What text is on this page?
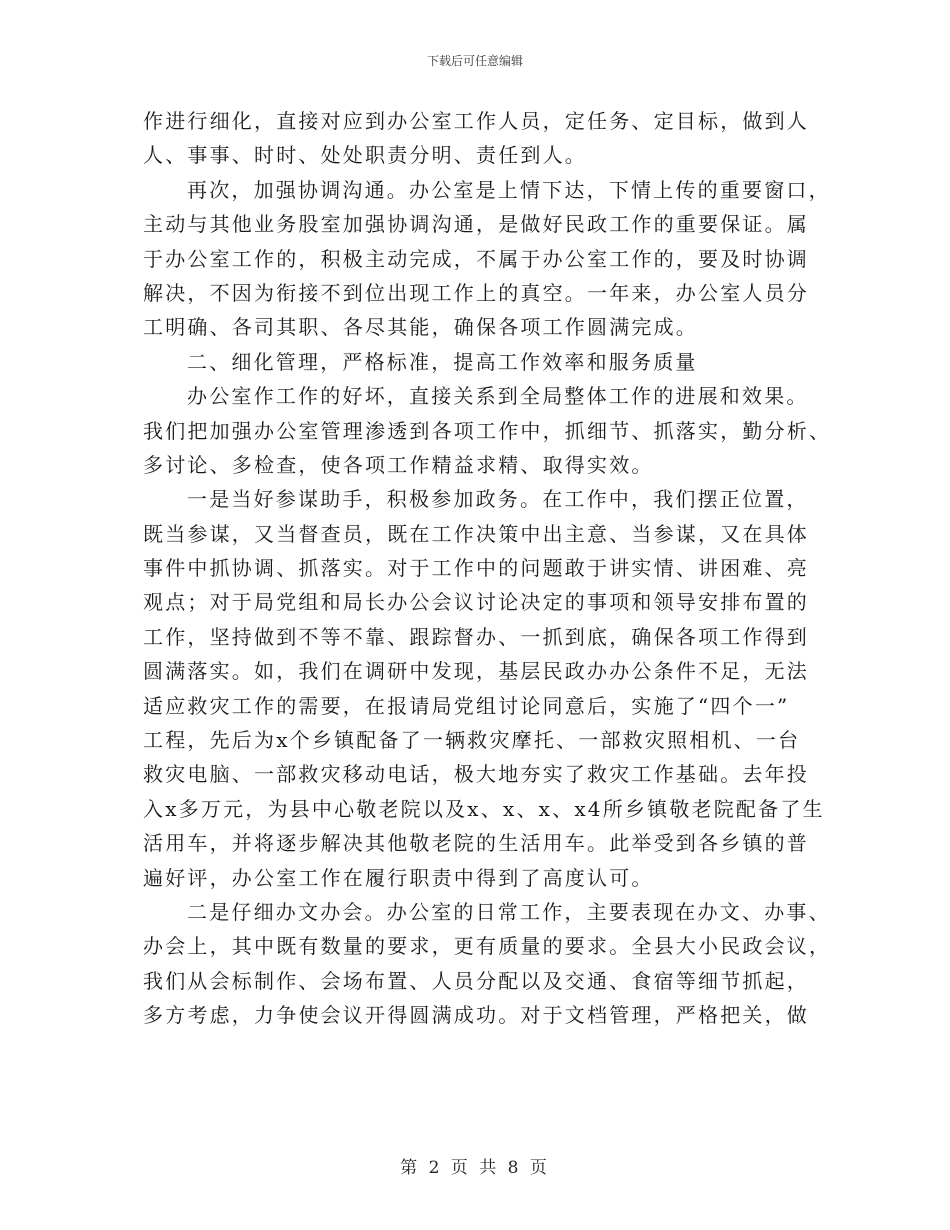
下载后可任意编辑
作进行细化，直接对应到办公室工作人员，定任务、定目标，做到人
人、事事、时时、处处职责分明、责任到人。
再次，加强协调沟通。办公室是上情下达，下情上传的重要窗口，
主动与其他业务股室加强协调沟通，是做好民政工作的重要保证。属
于办公室工作的，积极主动完成，不属于办公室工作的，要及时协调
解决，不因为衔接不到位出现工作上的真空。一年来，办公室人员分
工明确、各司其职、各尽其能，确保各项工作圆满完成。
二、细化管理，严格标准，提高工作效率和服务质量
办公室作工作的好坏，直接关系到全局整体工作的进展和效果。
我们把加强办公室管理渗透到各项工作中，抓细节、抓落实，勤分析、
多讨论、多检查，使各项工作精益求精、取得实效。
一是当好参谋助手，积极参加政务。在工作中，我们摆正位置，
既当参谋，又当督查员，既在工作决策中出主意、当参谋，又在具体
事件中抓协调、抓落实。对于工作中的问题敢于讲实情、讲困难、亮
观点；对于局党组和局长办公会议讨论决定的事项和领导安排布置的
工作，坚持做到不等不靠、跟踪督办、一抓到底，确保各项工作得到
圆满落实。如，我们在调研中发现，基层民政办办公条件不足，无法
适应救灾工作的需要，在报请局党组讨论同意后，实施了“四个一”
工程，先后为x个乡镇配备了一辆救灾摩托、一部救灾照相机、一台
救灾电脑、一部救灾移动电话，极大地夯实了救灾工作基础。去年投
入x多万元，为县中心敬老院以及x、x、x、x4所乡镇敬老院配备了生
活用车，并将逐步解决其他敬老院的生活用车。此举受到各乡镇的普
遍好评，办公室工作在履行职责中得到了高度认可。
二是仔细办文办会。办公室的日常工作，主要表现在办文、办事、
办会上，其中既有数量的要求，更有质量的要求。全县大小民政会议，
我们从会标制作、会场布置、人员分配以及交通、食宿等细节抓起，
多方考虑，力争使会议开得圆满成功。对于文档管理，严格把关，做
第 2 页 共 8 页
